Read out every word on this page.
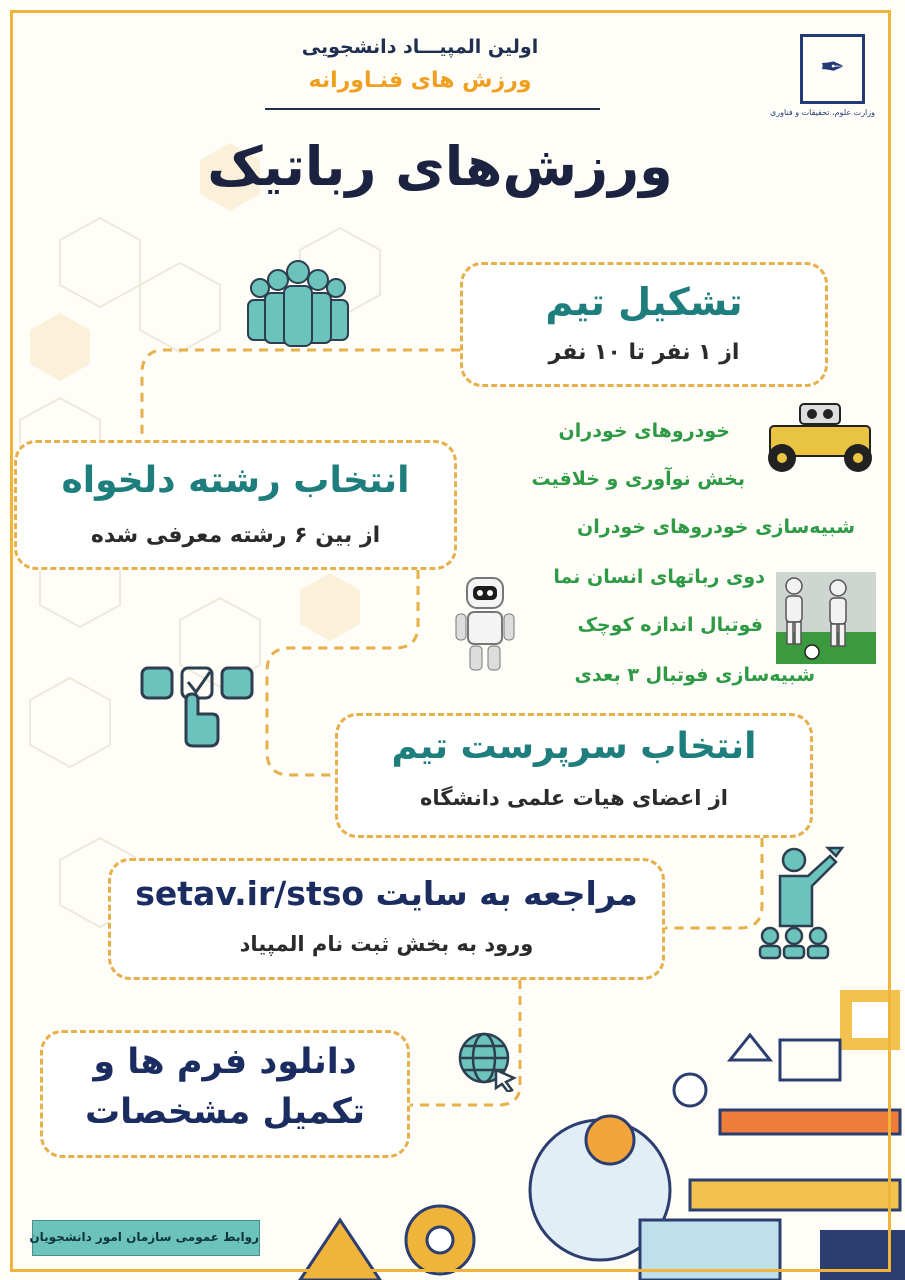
اولین المپیـــاد دانشجویی
ورزش های فنـاورانه
ورزش‌های رباتیک
✒
وزارت علوم، تحقیقات و فناوری
تشکیل تیم
از ۱ نفر تا ۱۰ نفر
انتخاب رشته دلخواه
از بین ۶ رشته معرفی شده
خودروهای خودران
بخش نوآوری و خلاقیت
شبیه‌سازی خودروهای خودران
دوی رباتهای انسان نما
فوتبال اندازه کوچک
شبیه‌سازی فوتبال ۳ بعدی
انتخاب سرپرست تیم
از اعضای هیات علمی دانشگاه
مراجعه به سایت setav.ir/stso
ورود به بخش ثبت نام المپیاد
دانلود فرم ها و
تکمیل مشخصات
روابط عمومی سازمان امور دانشجویان
